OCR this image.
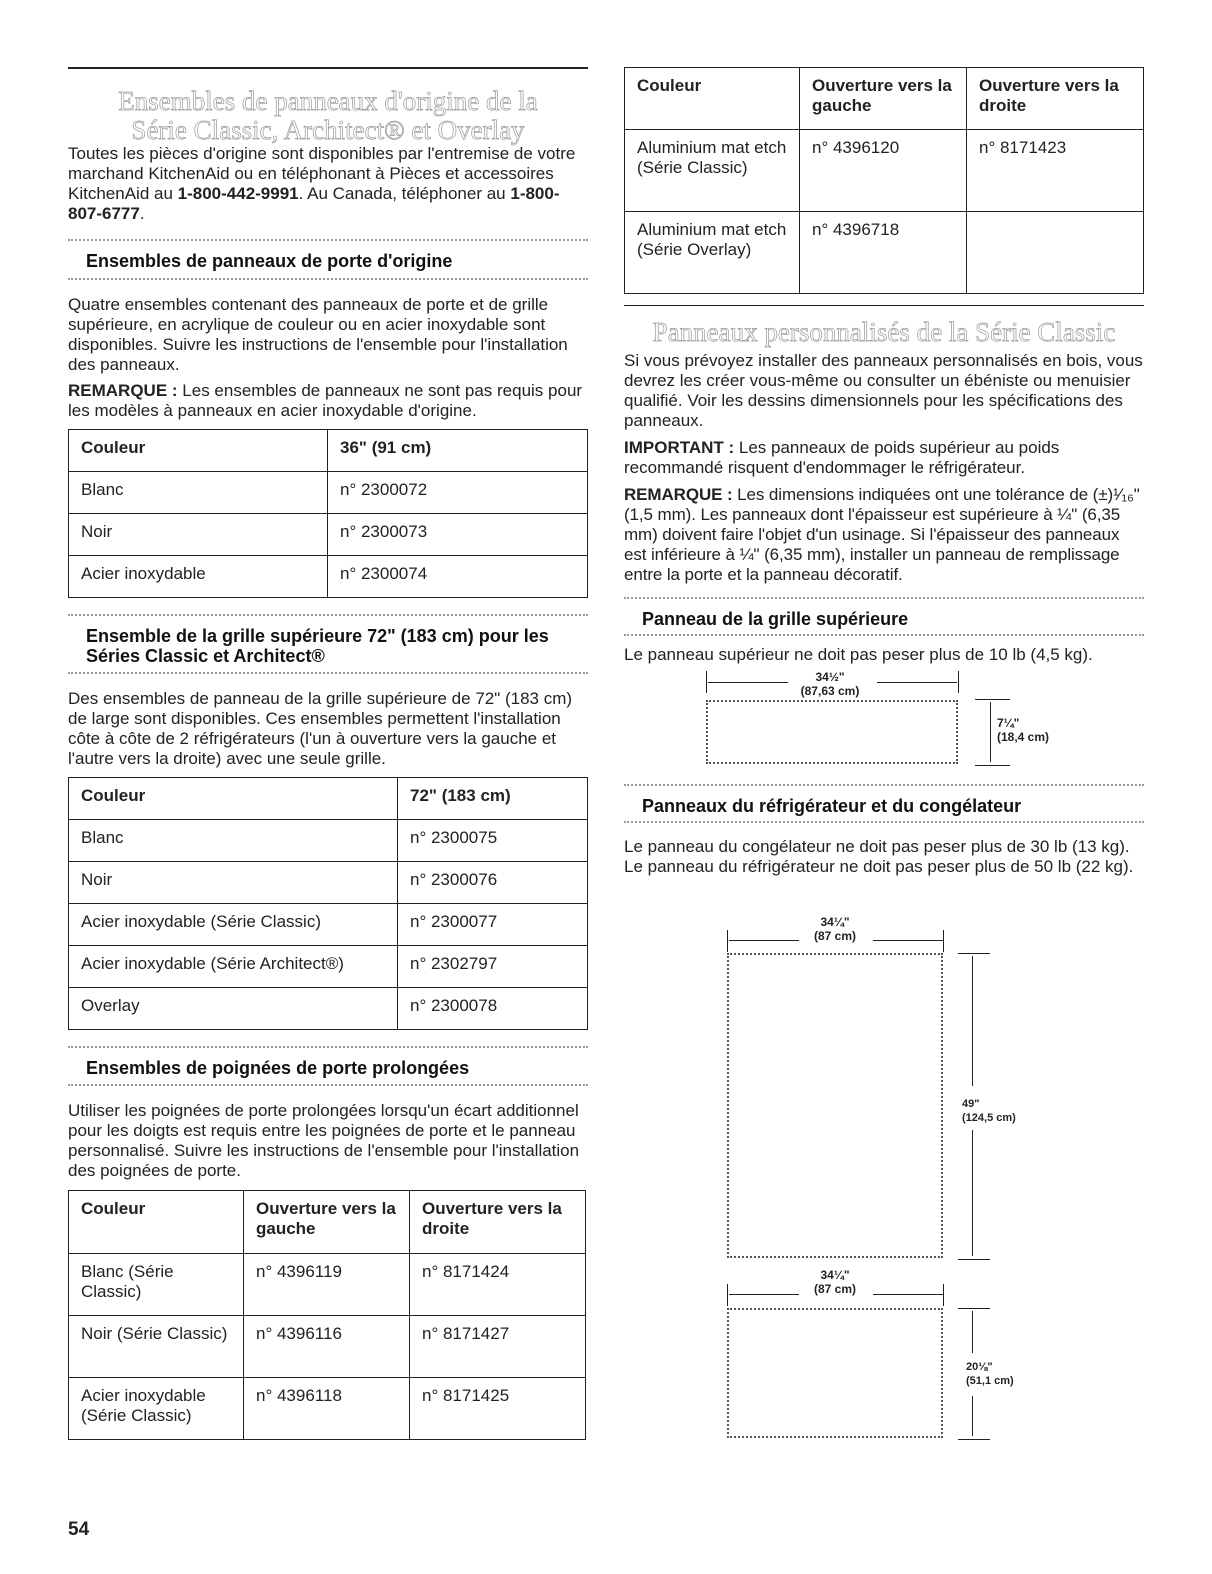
Ensembles de panneaux d'origine de la
Série Classic, Architect® et Overlay

Toutes les pièces d'origine sont disponibles par l'entremise de votre marchand KitchenAid ou en téléphonant à Pièces et accessoires KitchenAid au 1-800-442-9991. Au Canada, téléphoner au 1-800-807-6777.

Ensembles de panneaux de porte d'origine

Quatre ensembles contenant des panneaux de porte et de grille supérieure, en acrylique de couleur ou en acier inoxydable sont disponibles. Suivre les instructions de l'ensemble pour l'installation des panneaux.

REMARQUE : Les ensembles de panneaux ne sont pas requis pour les modèles à panneaux en acier inoxydable d'origine.

Couleur	36" (91 cm)
Blanc	n° 2300072
Noir	n° 2300073
Acier inoxydable	n° 2300074
Ensemble de la grille supérieure 72" (183 cm) pour les Séries Classic et Architect®

Des ensembles de panneau de la grille supérieure de 72" (183 cm) de large sont disponibles. Ces ensembles permettent l'installation côte à côte de 2 réfrigérateurs (l'un à ouverture vers la gauche et l'autre vers la droite) avec une seule grille.

Couleur	72" (183 cm)
Blanc	n° 2300075
Noir	n° 2300076
Acier inoxydable (Série Classic)	n° 2300077
Acier inoxydable (Série Architect®)	n° 2302797
Overlay	n° 2300078
Ensembles de poignées de porte prolongées

Utiliser les poignées de porte prolongées lorsqu'un écart additionnel pour les doigts est requis entre les poignées de porte et le panneau personnalisé. Suivre les instructions de l'ensemble pour l'installation des poignées de porte.

Couleur	Ouverture vers la gauche	Ouverture vers la droite
Blanc (Série Classic)	n° 4396119	n° 8171424
Noir (Série Classic)	n° 4396116	n° 8171427
Acier inoxydable (Série Classic)	n° 4396118	n° 8171425
54
Couleur	Ouverture vers la gauche	Ouverture vers la droite
Aluminium mat etch (Série Classic)	n° 4396120	n° 8171423
Aluminium mat etch (Série Overlay)	n° 4396718	
Panneaux personnalisés de la Série Classic

Si vous prévoyez installer des panneaux personnalisés en bois, vous devrez les créer vous-même ou consulter un ébéniste ou menuisier qualifié. Voir les dessins dimensionnels pour les spécifications des panneaux.

IMPORTANT : Les panneaux de poids supérieur au poids recommandé risquent d'endommager le réfrigérateur.

REMARQUE : Les dimensions indiquées ont une tolérance de (±)¹⁄₁₆" (1,5 mm). Les panneaux dont l'épaisseur est supérieure à ¼" (6,35 mm) doivent faire l'objet d'un usinage. Si l'épaisseur des panneaux est inférieure à ¼" (6,35 mm), installer un panneau de remplissage entre la porte et la panneau décoratif.

Panneau de la grille supérieure

Le panneau supérieur ne doit pas peser plus de 10 lb (4,5 kg).

34½"
(87,63 cm)
7¼"
(18,4 cm)
Panneaux du réfrigérateur et du congélateur

Le panneau du congélateur ne doit pas peser plus de 30 lb (13 kg). Le panneau du réfrigérateur ne doit pas peser plus de 50 lb (22 kg).

34¼"
(87 cm)
49"
(124,5 cm)
34¼"
(87 cm)
20⅛"
(51,1 cm)
